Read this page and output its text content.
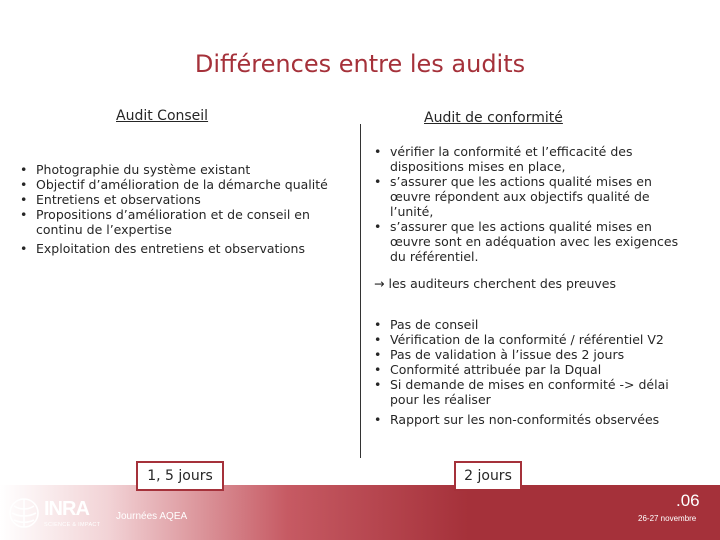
Différences entre les audits
Audit Conseil	Audit de conformité
• Photographie du système existant
• Objectif d’amélioration de la démarche qualité
• Entretiens et observations
• Propositions d’amélioration et de conseil en continu de l’expertise
• Exploitation des entretiens et observations
• vérifier la conformité et l’efficacité des dispositions mises en place,
• s’assurer que les actions qualité mises en œuvre répondent aux objectifs qualité de l’unité,
• s’assurer que les actions qualité mises en œuvre sont en adéquation avec les exigences du référentiel.
→ les auditeurs cherchent des preuves
• Pas de conseil
• Vérification de la conformité / référentiel V2
• Pas de validation à l’issue des 2 jours
• Conformité attribuée par la Dqual
• Si demande de mises en conformité -> délai pour les réaliser
• Rapport sur les non-conformités observées
1, 5 jours	2 jours
INRA
SCIENCE & IMPACT
Journées AQEA
.06
26-27 novembre
